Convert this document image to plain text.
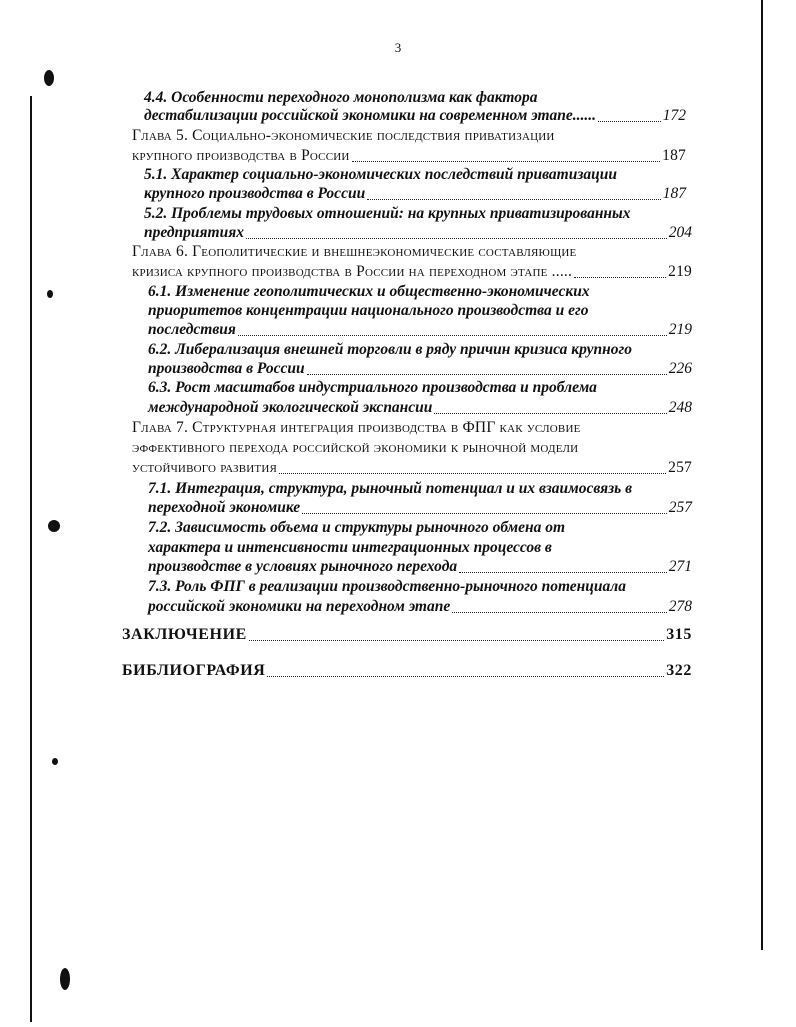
3
4.4. Особенности переходного монополизма как фактора
дестабилизации российской экономики на современном этапе......	172
Глава 5. Социально-экономические последствия приватизации
крупного производства в России	187
5.1. Характер социально-экономических последствий приватизации
крупного производства в России	187
5.2. Проблемы трудовых отношений: на крупных приватизированных
предприятиях	204
Глава 6. Геополитические и внешнеэкономические составляющие
кризиса крупного производства в России на переходном этапе .....	219
6.1. Изменение геополитических и общественно-экономических
приоритетов концентрации национального производства и его
последствия	219
6.2. Либерализация внешней торговли в ряду причин кризиса крупного
производства в России	226
6.3. Рост масштабов индустриального производства и проблема
международной экологической экспансии	248
Глава 7. Структурная интеграция производства в ФПГ как условие
эффективного перехода российской экономики к рыночной модели
устойчивого развития	257
7.1. Интеграция, структура, рыночный потенциал и их взаимосвязь в
переходной экономике	257
7.2. Зависимость объема и структуры рыночного обмена от
характера и интенсивности интеграционных процессов в
производстве в условиях рыночного перехода	271
7.3. Роль ФПГ в реализации производственно-рыночного потенциала
российской экономики на переходном этапе	278
ЗАКЛЮЧЕНИЕ	315
БИБЛИОГРАФИЯ	322
